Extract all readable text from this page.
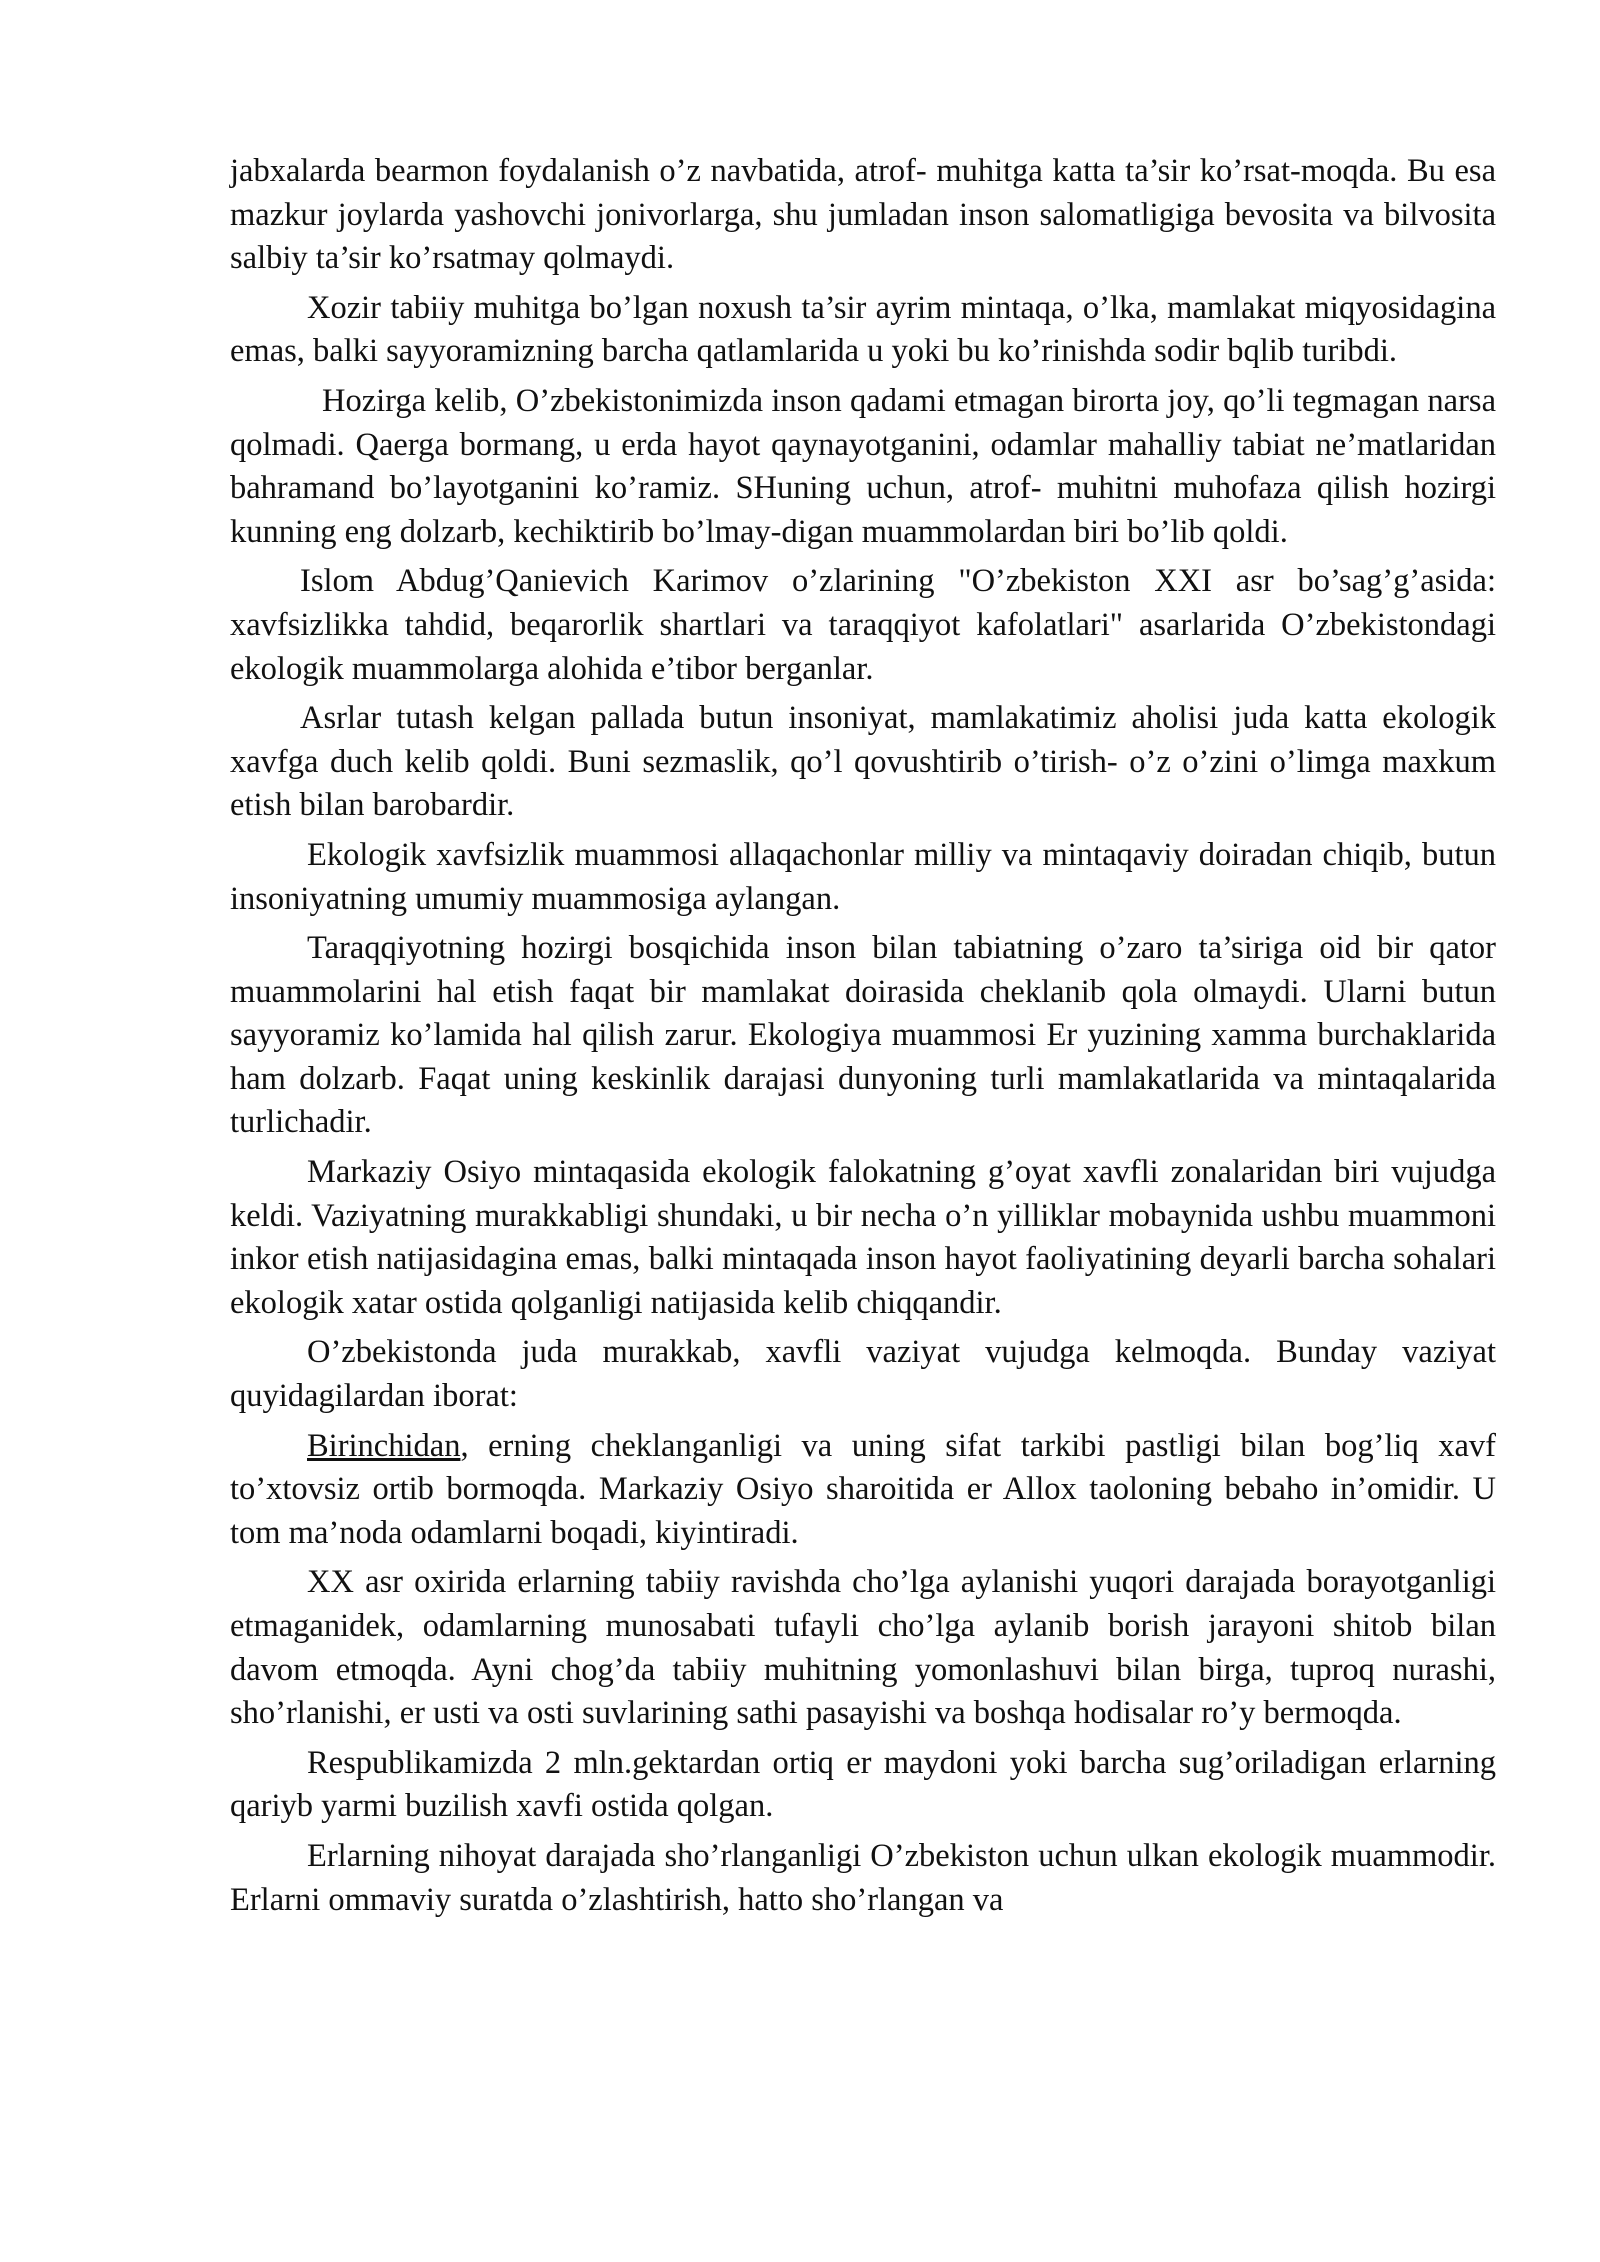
jabxalarda bearmon foydalanish o’z navbatida, atrof- muhitga katta ta’sir ko’rsat-moqda. Bu esa mazkur joylarda yashovchi jonivorlarga, shu jumladan inson salomatligiga bevosita va bilvosita salbiy ta’sir ko’rsatmay qolmaydi.

Xozir tabiiy muhitga bo’lgan noxush ta’sir ayrim mintaqa, o’lka, mamlakat miqyosidagina emas, balki sayyoramizning barcha qatlamlarida u yoki bu ko’rinishda sodir bqlib turibdi.

Hozirga kelib, O’zbekistonimizda inson qadami etmagan birorta joy, qo’li tegmagan narsa qolmadi. Qaerga bormang, u erda hayot qaynayotganini, odamlar mahalliy tabiat ne’matlaridan bahramand bo’layotganini ko’ramiz. SHuning uchun, atrof- muhitni muhofaza qilish hozirgi kunning eng dolzarb, kechiktirib bo’lmay-digan muammolardan biri bo’lib qoldi.

Islom Abdug’Qanievich Karimov o’zlarining "O’zbekiston XXI asr bo’sag’g’asida: xavfsizlikka tahdid, beqarorlik shartlari va taraqqiyot kafolatlari" asarlarida O’zbekistondagi ekologik muammolarga alohida e’tibor berganlar.

Asrlar tutash kelgan pallada butun insoniyat, mamlakatimiz aholisi juda katta ekologik xavfga duch kelib qoldi. Buni sezmaslik, qo’l qovushtirib o’tirish- o’z o’zini o’limga maxkum etish bilan barobardir.

Ekologik xavfsizlik muammosi allaqachonlar milliy va mintaqaviy doiradan chiqib, butun insoniyatning umumiy muammosiga aylangan.

Taraqqiyotning hozirgi bosqichida inson bilan tabiatning o’zaro ta’siriga oid bir qator muammolarini hal etish faqat bir mamlakat doirasida cheklanib qola olmaydi. Ularni butun sayyoramiz ko’lamida hal qilish zarur. Ekologiya muammosi Er yuzining xamma burchaklarida ham dolzarb. Faqat uning keskinlik darajasi dunyoning turli mamlakatlarida va mintaqalarida turlichadir.

Markaziy Osiyo mintaqasida ekologik falokatning g’oyat xavfli zonalaridan biri vujudga keldi. Vaziyatning murakkabligi shundaki, u bir necha o’n yilliklar mobaynida ushbu muammoni inkor etish natijasidagina emas, balki mintaqada inson hayot faoliyatining deyarli barcha sohalari ekologik xatar ostida qolganligi natijasida kelib chiqqandir.

O’zbekistonda juda murakkab, xavfli vaziyat vujudga kelmoqda. Bunday vaziyat quyidagilardan iborat:

Birinchidan, erning cheklanganligi va uning sifat tarkibi pastligi bilan bog’liq xavf to’xtovsiz ortib bormoqda. Markaziy Osiyo sharoitida er Allox taoloning bebaho in’omidir. U tom ma’noda odamlarni boqadi, kiyintiradi.

XX asr oxirida erlarning tabiiy ravishda cho’lga aylanishi yuqori darajada borayotganligi etmaganidek, odamlarning munosabati tufayli cho’lga aylanib borish jarayoni shitob bilan davom etmoqda. Ayni chog’da tabiiy muhitning yomonlashuvi bilan birga, tuproq nurashi, sho’rlanishi, er usti va osti suvlarining sathi pasayishi va boshqa hodisalar ro’y bermoqda.

Respublikamizda 2 mln.gektardan ortiq er maydoni yoki barcha sug’oriladigan erlarning qariyb yarmi buzilish xavfi ostida qolgan.

Erlarning nihoyat darajada sho’rlanganligi O’zbekiston uchun ulkan ekologik muammodir. Erlarni ommaviy suratda o’zlashtirish, hatto sho’rlangan va
